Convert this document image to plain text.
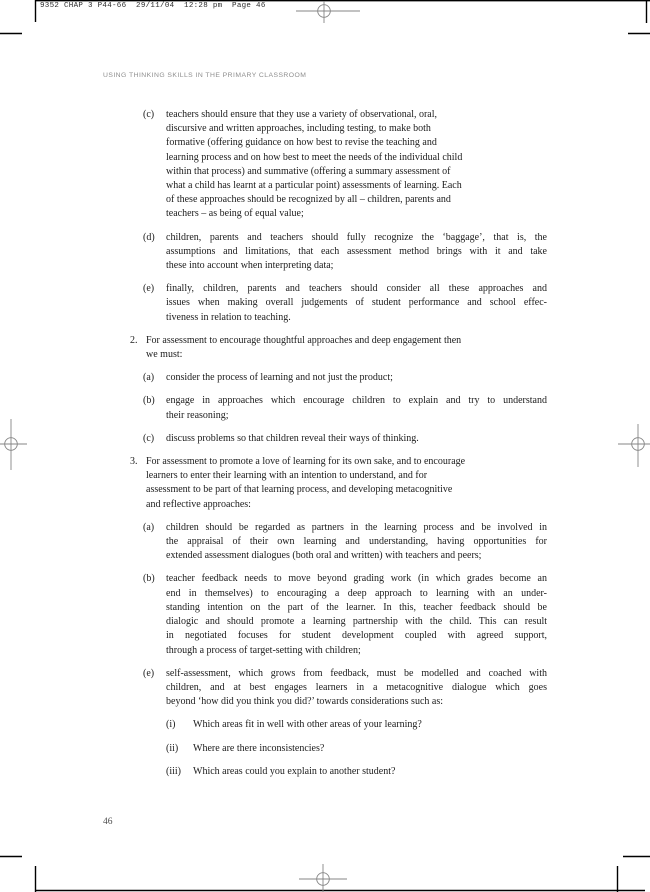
9352 CHAP 3 P44-66  29/11/04  12:28 pm  Page 46
USING THINKING SKILLS IN THE PRIMARY CLASSROOM
(c)	teachers should ensure that they use a variety of observational, oral,
discursive and written approaches, including testing, to make both
formative (offering guidance on how best to revise the teaching and
learning process and on how best to meet the needs of the individual child
within that process) and summative (offering a summary assessment of
what a child has learnt at a particular point) assessments of learning. Each
of these approaches should be recognized by all – children, parents and
teachers – as being of equal value;
(d)	children, parents and teachers should fully recognize the ‘baggage’, that is, the
assumptions and limitations, that each assessment method brings with it and take
these into account when interpreting data;
(e)	finally, children, parents and teachers should consider all these approaches and
issues when making overall judgements of student performance and school effec-
tiveness in relation to teaching.
2. For assessment to encourage thoughtful approaches and deep engagement then
we must:
(a)	consider the process of learning and not just the product;
(b)	engage in approaches which encourage children to explain and try to understand
their reasoning;
(c)	discuss problems so that children reveal their ways of thinking.
3. For assessment to promote a love of learning for its own sake, and to encourage
learners to enter their learning with an intention to understand, and for
assessment to be part of that learning process, and developing metacognitive
and reflective approaches:
(a)	children should be regarded as partners in the learning process and be involved in
the appraisal of their own learning and understanding, having opportunities for
extended assessment dialogues (both oral and written) with teachers and peers;
(b)	teacher feedback needs to move beyond grading work (in which grades become an
end in themselves) to encouraging a deep approach to learning with an under-
standing intention on the part of the learner. In this, teacher feedback should be
dialogic and should promote a learning partnership with the child. This can result
in negotiated focuses for student development coupled with agreed support,
through a process of target-setting with children;
(e)	self-assessment, which grows from feedback, must be modelled and coached with
children, and at best engages learners in a metacognitive dialogue which goes
beyond ‘how did you think you did?’ towards considerations such as:
(i)	Which areas fit in well with other areas of your learning?
(ii)	Where are there inconsistencies?
(iii)	Which areas could you explain to another student?
46
